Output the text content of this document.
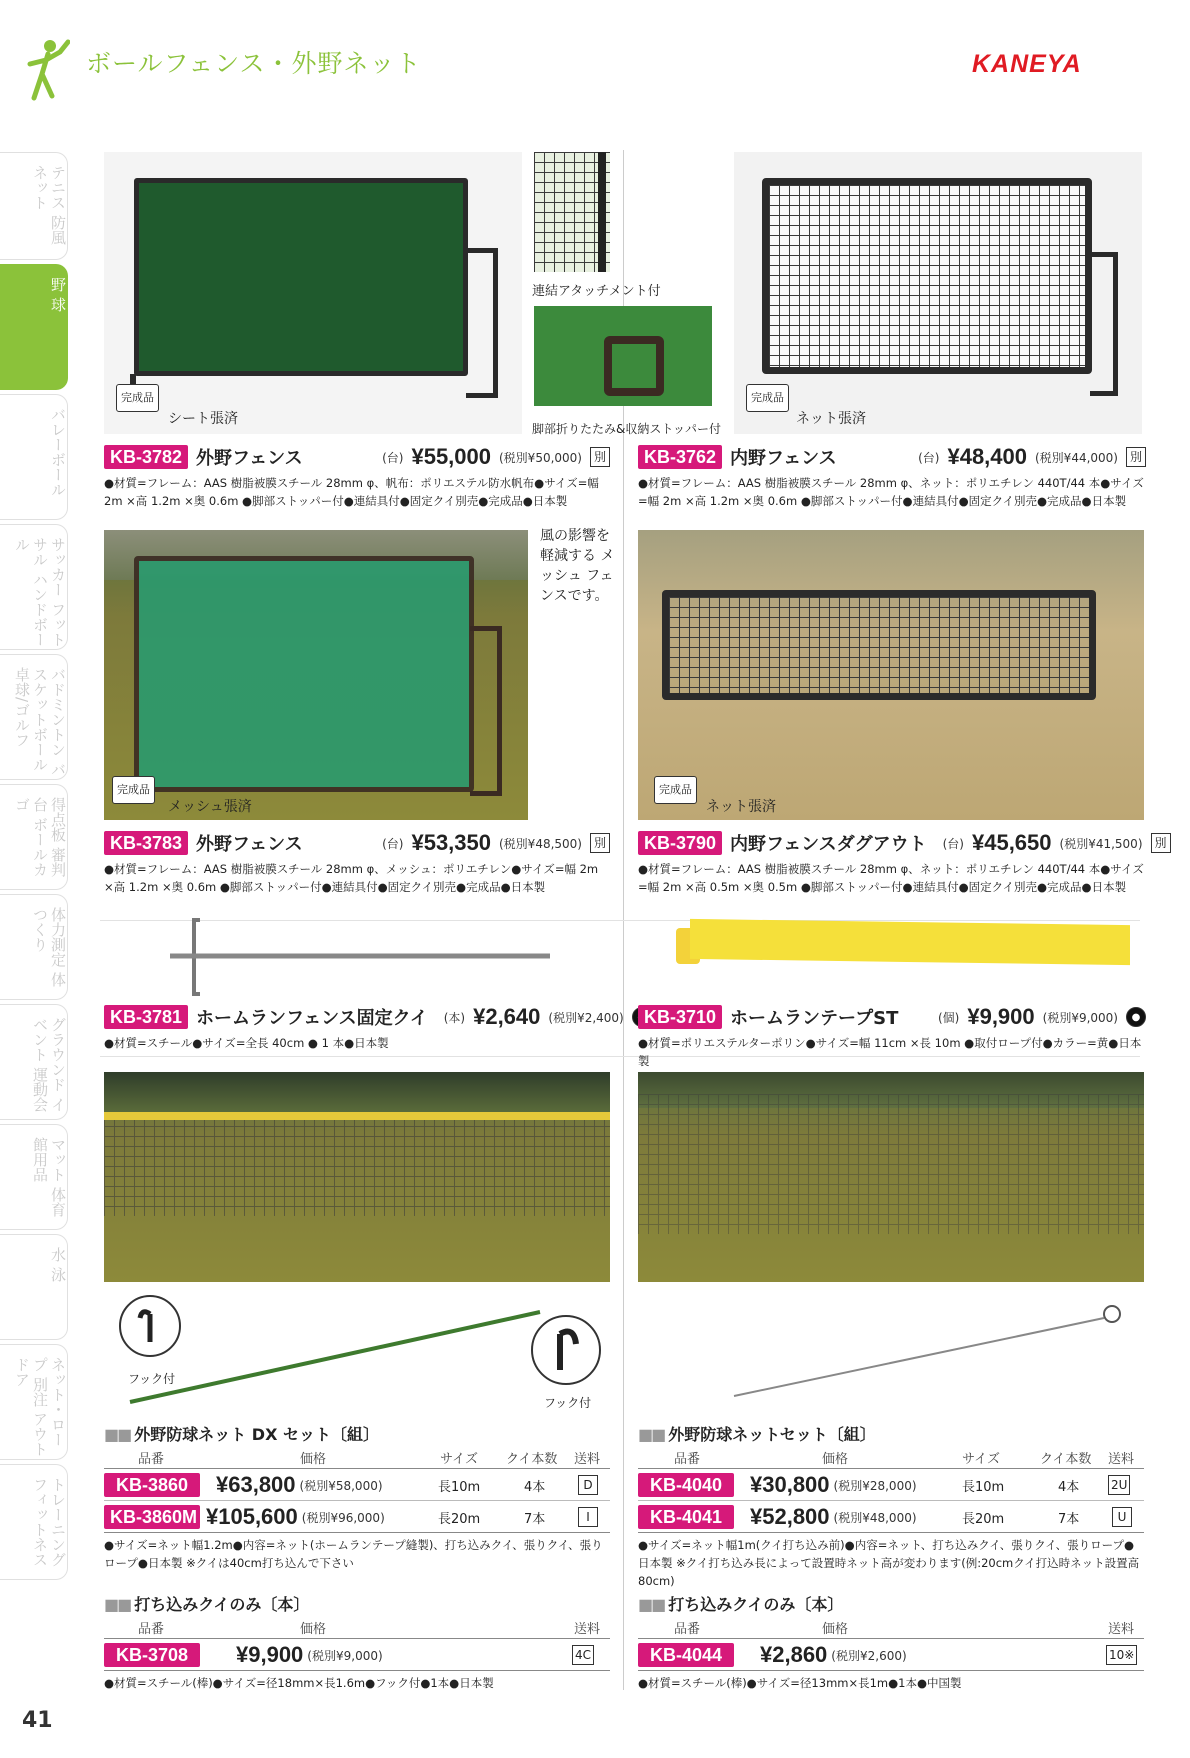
ボールフェンス・外野ネット	KANEYA
テニス 防風ネット
野 球
バレーボール
サッカー フットサル ハンドボール
バドミントン バスケットボール 卓球/ゴルフ
得点板 審判台 ボールカゴ
体力測定 体つくり
グラウンド イベント 運動会
マット 体育館用品
水 泳
ネット・ロープ 別注 アウトドア
トレーニング フィットネス
完成品
シート張済
連結アタッチメント付
脚部折りたたみ&収納ストッパー付
完成品
ネット張済
KB-3782 外野フェンス	(台) ¥55,000 (税別¥50,000) 別
●材質=フレーム：AAS 樹脂被膜スチール 28mm φ、帆布：ポリエステル防水帆布●サイズ=幅 2m ×高 1.2m ×奥 0.6m ●脚部ストッパー付●連結具付●固定クイ別売●完成品●日本製
KB-3762 内野フェンス	(台) ¥48,400 (税別¥44,000) 別
●材質=フレーム：AAS 樹脂被膜スチール 28mm φ、ネット：ポリエチレン 440T/44 本●サイズ=幅 2m ×高 1.2m ×奥 0.6m ●脚部ストッパー付●連結具付●固定クイ別売●完成品●日本製
完成品
メッシュ張済
風の影響を 軽減する メッシュ フェンスです。
完成品
ネット張済
KB-3783 外野フェンス	(台) ¥53,350 (税別¥48,500) 別
●材質=フレーム：AAS 樹脂被膜スチール 28mm φ、メッシュ：ポリエチレン●サイズ=幅 2m ×高 1.2m ×奥 0.6m ●脚部ストッパー付●連結具付●固定クイ別売●完成品●日本製
KB-3790 内野フェンスダグアウト (台) ¥45,650 (税別¥41,500) 別
●材質=フレーム：AAS 樹脂被膜スチール 28mm φ、ネット：ポリエチレン 440T/44 本●サイズ=幅 2m ×高 0.5m ×奥 0.5m ●脚部ストッパー付●連結具付●固定クイ別売●完成品●日本製
KB-3781 ホームランフェンス固定クイ (本) ¥2,640 (税別¥2,400)
●材質=スチール●サイズ=全長 40cm ● 1 本●日本製
KB-3710 ホームランテープST	(個) ¥9,900 (税別¥9,000)	●
●材質=ポリエステルターポリン●サイズ=幅 11cm ×長 10m ●取付ロープ付●カラー=黄●日本製
フック付
フック付
■■ 外野防球ネット DX セット〔組〕
品番	価格	サイズ クイ本数 送料
KB-3860	¥63,800 (税別¥58,000)	長10m	4本	D
KB-3860M ¥105,600 (税別¥96,000)	長20m	7本	I
●サイズ=ネット幅1.2m●内容=ネット(ホームランテープ縫製)、打ち込みクイ、張りクイ、張りロープ●日本製 ※クイは40cm打ち込んで下さい
■■ 外野防球ネットセット〔組〕
品番	価格	サイズ	クイ本数 送料
KB-4040	¥30,800 (税別¥28,000)	長10m	4本	2U
KB-4041	¥52,800 (税別¥48,000)	長20m	7本	U
●サイズ=ネット幅1m(クイ打ち込み前)●内容=ネット、打ち込みクイ、張りクイ、張りロープ●日本製 ※クイ打ち込み長によって設置時ネット高が変わります(例:20cmクイ打込時ネット設置高80cm)
■■ 打ち込みクイのみ〔本〕
品番	価格	送料
KB-3708	¥9,900 (税別¥9,000)	4C
●材質=スチール(棒)●サイズ=径18mm×長1.6m●フック付●1本●日本製
■■ 打ち込みクイのみ〔本〕
品番	価格	送料
KB-4044	¥2,860 (税別¥2,600)	10※
●材質=スチール(棒)●サイズ=径13mm×長1m●1本●中国製
41
